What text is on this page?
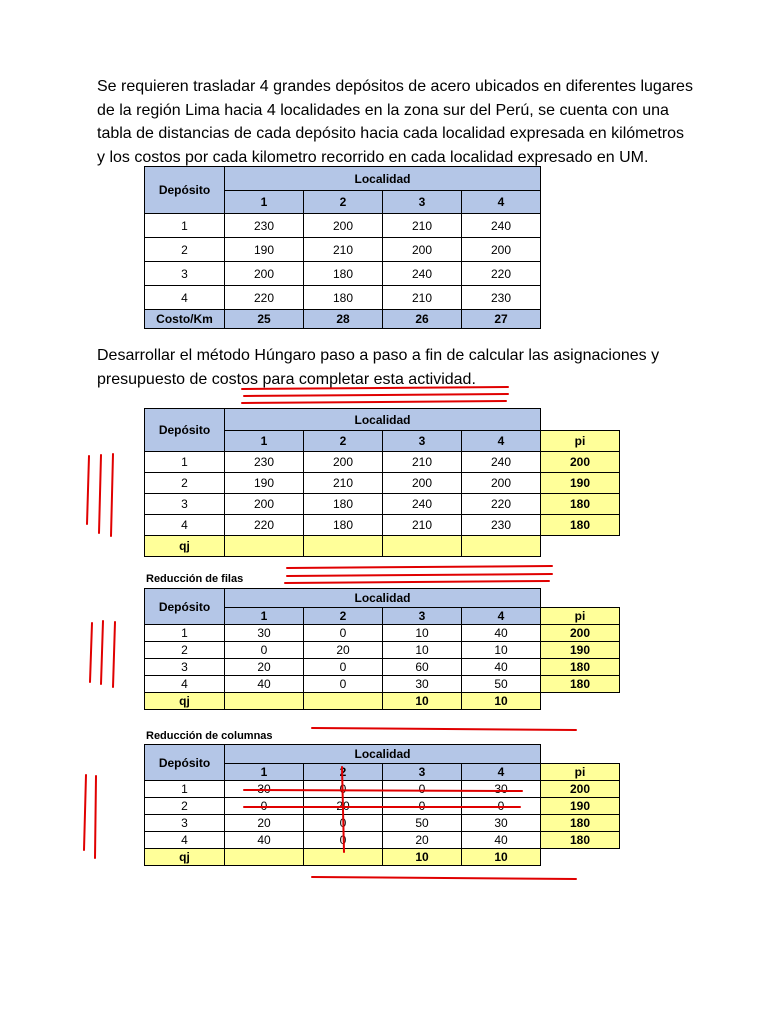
Se requieren trasladar 4 grandes depósitos de acero ubicados en diferentes lugares
de la región Lima hacia 4 localidades en la zona sur del Perú, se cuenta con una
tabla de distancias de cada depósito hacia cada localidad expresada en kilómetros
y los costos por cada kilometro recorrido en cada localidad expresado en UM.
Depósito	Localidad			
	1	2	3	4
1	230	200	210	240
2	190	210	200	200
3	200	180	240	220
4	220	180	210	230
Costo/Km	25	28	26	27
Desarrollar el método Húngaro paso a paso a fin de calcular las asignaciones y
presupuesto de costos para completar esta actividad.
Depósito	Localidad				
	1	2	3	4	pi
1	230	200	210	240	200
2	190	210	200	200	190
3	200	180	240	220	180
4	220	180	210	230	180
qj					
Reducción de filas
Depósito	Localidad				
	1	2	3	4	pi
1	30	0	10	40	200
2	0	20	10	10	190
3	20	0	60	40	180
4	40	0	30	50	180
qj			10	10	
Reducción de columnas
Depósito	Localidad				
	1	2	3	4	pi
1	30	0	0	30	200
2	0	20	0	0	190
3	20	0	50	30	180
4	40	0	20	40	180
qj			10	10	
